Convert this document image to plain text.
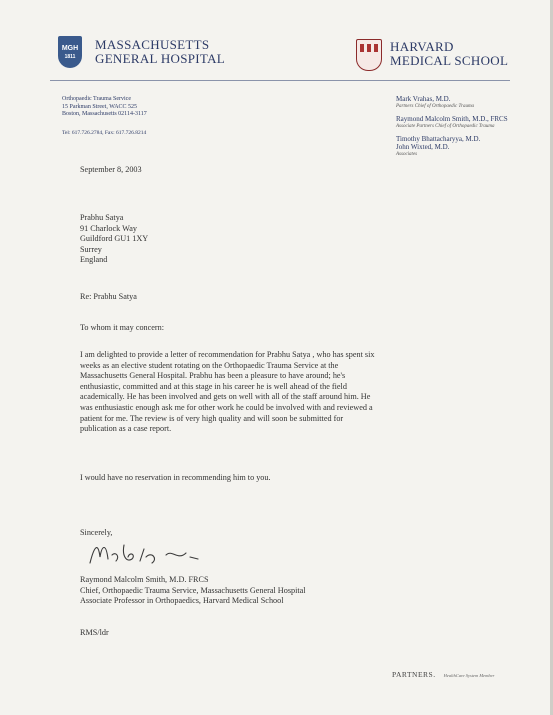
MGH
1811
MASSACHUSETTS
GENERAL HOSPITAL
HARVARD
MEDICAL SCHOOL
Orthopaedic Trauma Service
15 Parkman Street, WACC 525
Boston, Massachusetts 02114-3117
Tel: 617.726.2784, Fax: 617.726.8214
Mark Vrahas, M.D.
Partners Chief of Orthopaedic Trauma
Raymond Malcolm Smith, M.D., FRCS
Associate Partners Chief of Orthopaedic Trauma
Timothy Bhattacharyya, M.D.
John Wixted, M.D.
Associates
September 8, 2003
Prabhu Satya
91 Charlock Way
Guildford GU1 1XY
Surrey
England
Re: Prabhu Satya
To whom it may concern:
I am delighted to provide a letter of recommendation for Prabhu Satya , who has spent six
weeks as an elective student rotating on the Orthopaedic Trauma Service at the
Massachusetts General Hospital. Prabhu has been a pleasure to have around; he's
enthusiastic, committed and at this stage in his career he is well ahead of the field
academically. He has been involved and gets on well with all of the staff around him. He
was enthusiastic enough ask me for other work he could be involved with and reviewed a
patient for me. The review is of very high quality and will soon be submitted for
publication as a case report.
I would have no reservation in recommending him to you.
Sincerely,
Raymond Malcolm Smith, M.D. FRCS
Chief, Orthopaedic Trauma Service, Massachusetts General Hospital
Associate Professor in Orthopaedics, Harvard Medical School
RMS/ldr
PARTNERS. HealthCare System Member
